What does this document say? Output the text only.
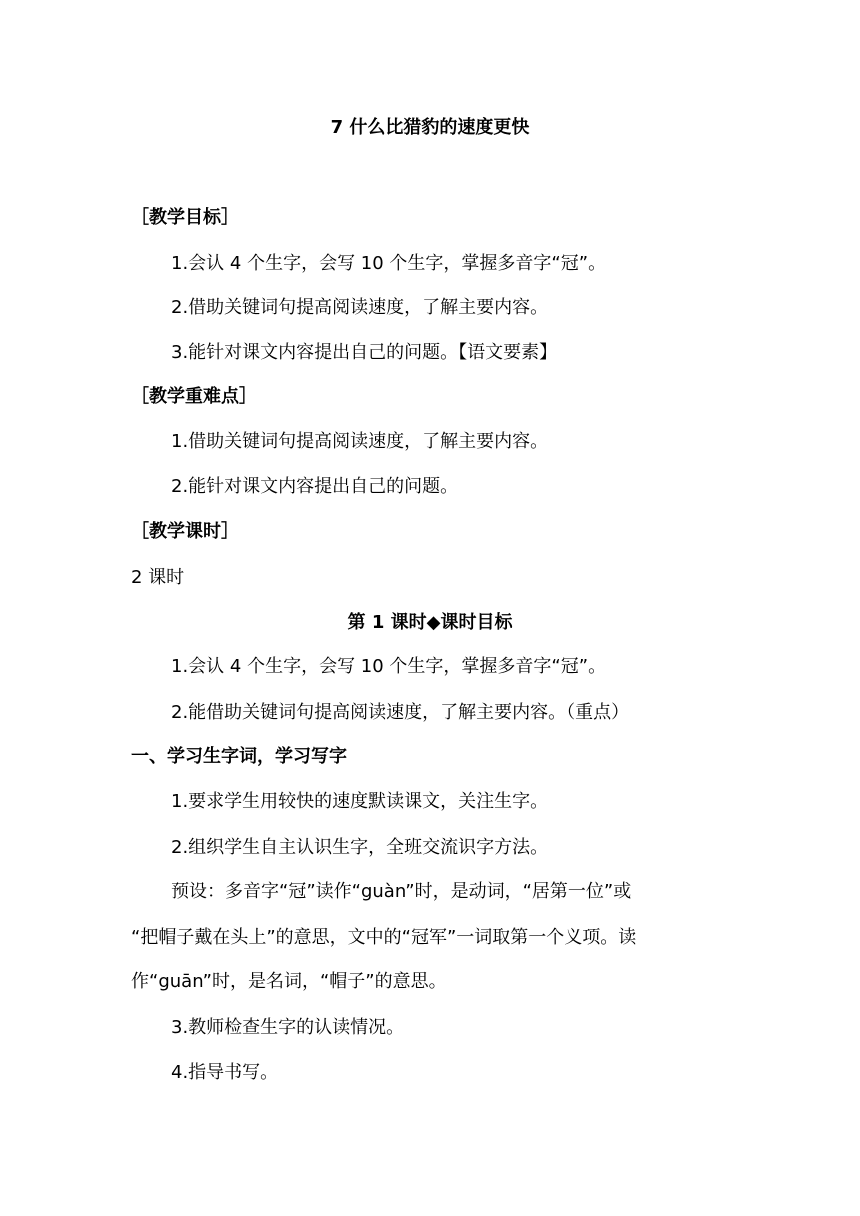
7 什么比猎豹的速度更快
［教学目标］
1.会认 4 个生字，会写 10 个生字，掌握多音字“冠”。
2.借助关键词句提高阅读速度，了解主要内容。
3.能针对课文内容提出自己的问题。【语文要素】
［教学重难点］
1.借助关键词句提高阅读速度，了解主要内容。
2.能针对课文内容提出自己的问题。
［教学课时］
2 课时
第 1 课时◆课时目标
1.会认 4 个生字，会写 10 个生字，掌握多音字“冠”。
2.能借助关键词句提高阅读速度，了解主要内容。（重点）
一、学习生字词，学习写字
1.要求学生用较快的速度默读课文，关注生字。
2.组织学生自主认识生字，全班交流识字方法。
预设：多音字“冠”读作“guàn”时，是动词，“居第一位”或
“把帽子戴在头上”的意思，文中的“冠军”一词取第一个义项。读
作“guān”时，是名词，“帽子”的意思。
3.教师检查生字的认读情况。
4.指导书写。
